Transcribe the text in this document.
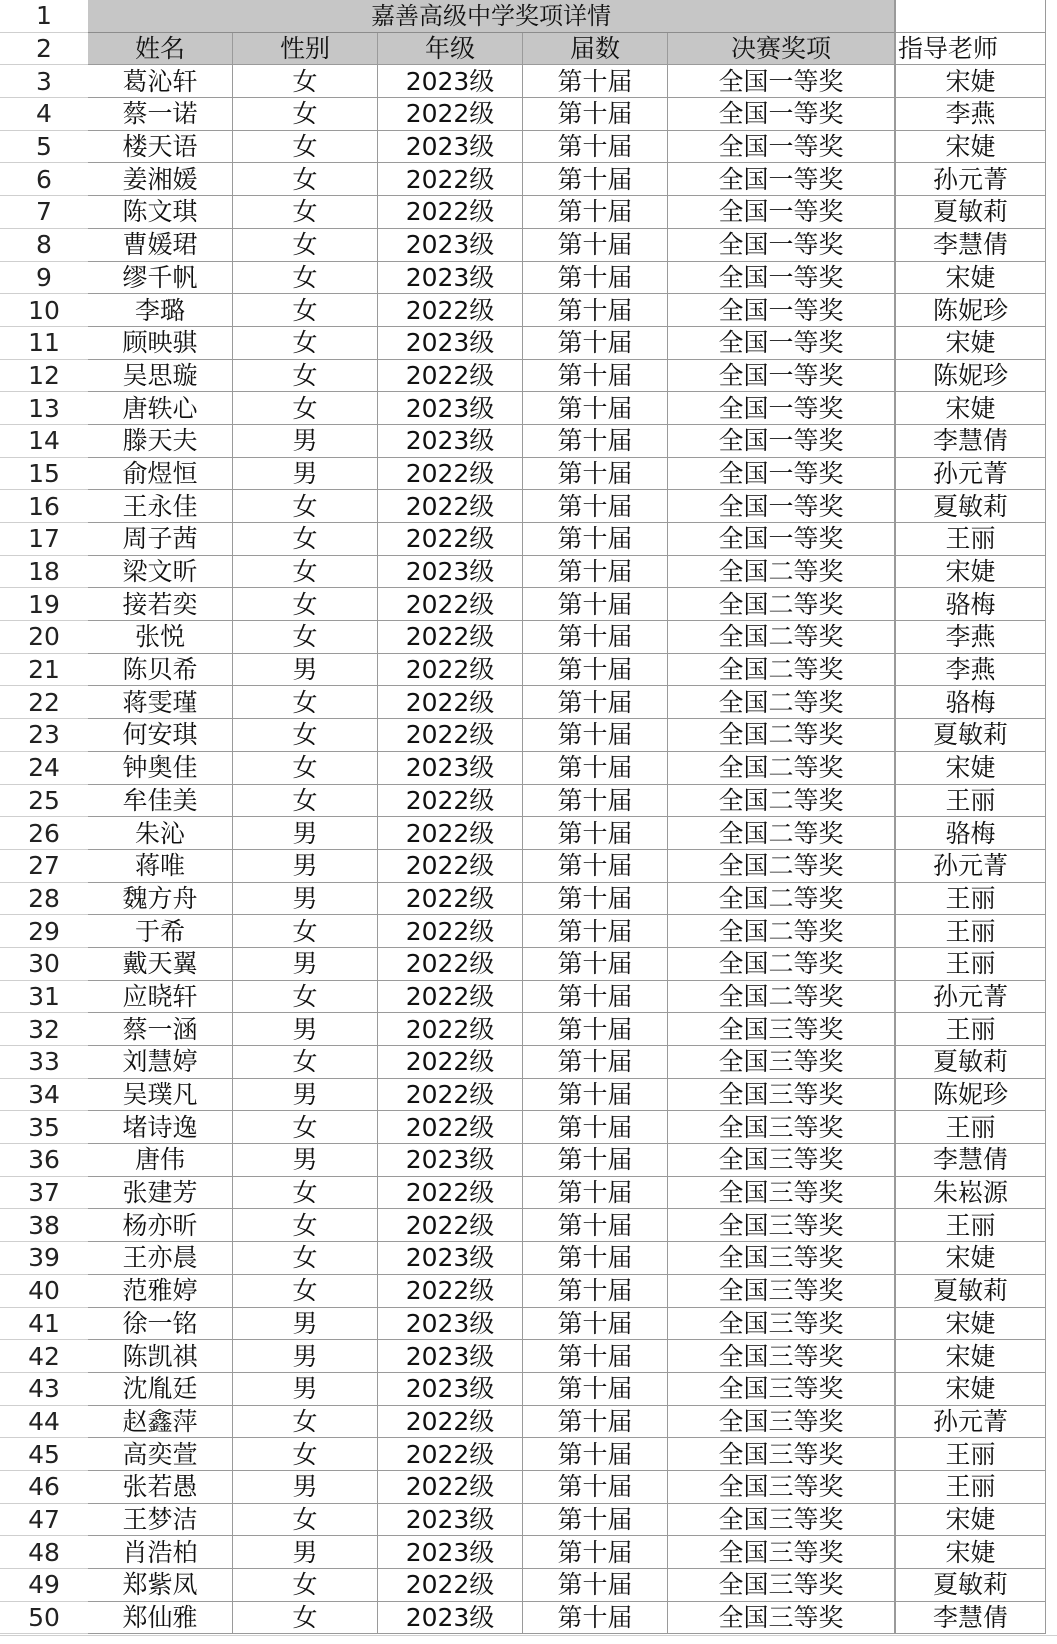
1	嘉善高级中学奖项详情
2	姓名	性别	年级	届数	决赛奖项	指导老师
3	葛沁轩	女	2023级	第十届	全国一等奖	宋婕
4	蔡一诺	女	2022级	第十届	全国一等奖	李燕
5	楼天语	女	2023级	第十届	全国一等奖	宋婕
6	姜湘媛	女	2022级	第十届	全国一等奖	孙元菁
7	陈文琪	女	2022级	第十届	全国一等奖	夏敏莉
8	曹媛珺	女	2023级	第十届	全国一等奖	李慧倩
9	缪千帆	女	2023级	第十届	全国一等奖	宋婕
10	李璐	女	2022级	第十届	全国一等奖	陈妮珍
11	顾映骐	女	2023级	第十届	全国一等奖	宋婕
12	吴思璇	女	2022级	第十届	全国一等奖	陈妮珍
13	唐轶心	女	2023级	第十届	全国一等奖	宋婕
14	滕天夫	男	2023级	第十届	全国一等奖	李慧倩
15	俞煜恒	男	2022级	第十届	全国一等奖	孙元菁
16	王永佳	女	2022级	第十届	全国一等奖	夏敏莉
17	周子茜	女	2022级	第十届	全国一等奖	王丽
18	梁文昕	女	2023级	第十届	全国二等奖	宋婕
19	接若奕	女	2022级	第十届	全国二等奖	骆梅
20	张悦	女	2022级	第十届	全国二等奖	李燕
21	陈贝希	男	2022级	第十届	全国二等奖	李燕
22	蒋雯瑾	女	2022级	第十届	全国二等奖	骆梅
23	何安琪	女	2022级	第十届	全国二等奖	夏敏莉
24	钟奥佳	女	2023级	第十届	全国二等奖	宋婕
25	牟佳美	女	2022级	第十届	全国二等奖	王丽
26	朱沁	男	2022级	第十届	全国二等奖	骆梅
27	蒋唯	男	2022级	第十届	全国二等奖	孙元菁
28	魏方舟	男	2022级	第十届	全国二等奖	王丽
29	于希	女	2022级	第十届	全国二等奖	王丽
30	戴天翼	男	2022级	第十届	全国二等奖	王丽
31	应晓轩	女	2022级	第十届	全国二等奖	孙元菁
32	蔡一涵	男	2022级	第十届	全国三等奖	王丽
33	刘慧婷	女	2022级	第十届	全国三等奖	夏敏莉
34	吴璞凡	男	2022级	第十届	全国三等奖	陈妮珍
35	堵诗逸	女	2022级	第十届	全国三等奖	王丽
36	唐伟	男	2023级	第十届	全国三等奖	李慧倩
37	张建芳	女	2022级	第十届	全国三等奖	朱崧源
38	杨亦昕	女	2022级	第十届	全国三等奖	王丽
39	王亦晨	女	2023级	第十届	全国三等奖	宋婕
40	范雅婷	女	2022级	第十届	全国三等奖	夏敏莉
41	徐一铭	男	2023级	第十届	全国三等奖	宋婕
42	陈凯祺	男	2023级	第十届	全国三等奖	宋婕
43	沈胤廷	男	2023级	第十届	全国三等奖	宋婕
44	赵鑫萍	女	2022级	第十届	全国三等奖	孙元菁
45	高奕萱	女	2022级	第十届	全国三等奖	王丽
46	张若愚	男	2022级	第十届	全国三等奖	王丽
47	王梦洁	女	2023级	第十届	全国三等奖	宋婕
48	肖浩柏	男	2023级	第十届	全国三等奖	宋婕
49	郑紫凤	女	2022级	第十届	全国三等奖	夏敏莉
50	郑仙雅	女	2023级	第十届	全国三等奖	李慧倩
